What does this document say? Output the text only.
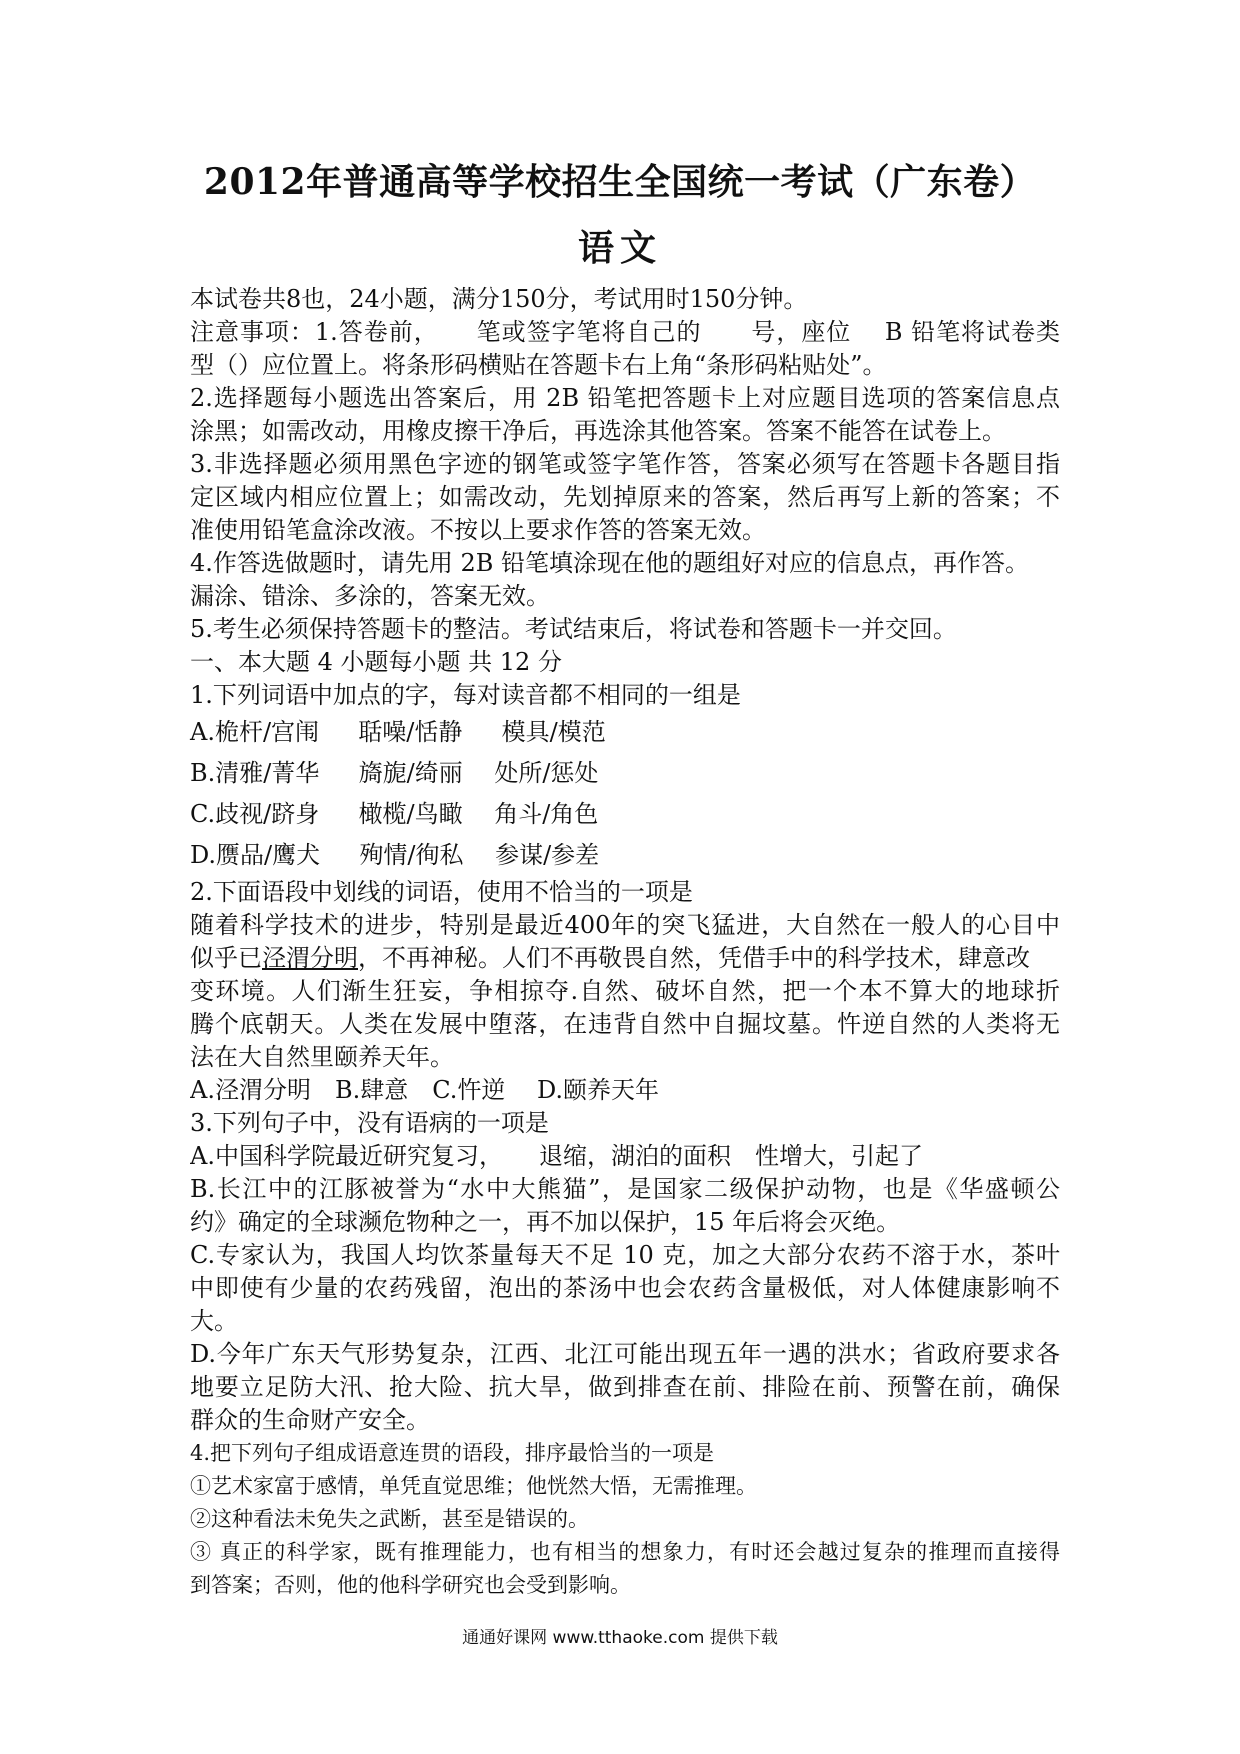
2012年普通高等学校招生全国统一考试（广东卷）
语文
本试卷共8也，24小题，满分150分，考试用时150分钟。
注意事项：1.答卷前，　　笔或签字笔将自己的　　号，座位　 B 铅笔将试卷类
型（）应位置上。将条形码横贴在答题卡右上角“条形码粘贴处”。
2.选择题每小题选出答案后，用 2B 铅笔把答题卡上对应题目选项的答案信息点
涂黑；如需改动，用橡皮擦干净后，再选涂其他答案。答案不能答在试卷上。
3.非选择题必须用黑色字迹的钢笔或签字笔作答，答案必须写在答题卡各题目指
定区域内相应位置上；如需改动，先划掉原来的答案，然后再写上新的答案；不
准使用铅笔盒涂改液。不按以上要求作答的答案无效。
4.作答选做题时，请先用 2B 铅笔填涂现在他的题组好对应的信息点，再作答。
漏涂、错涂、多涂的，答案无效。
5.考生必须保持答题卡的整洁。考试结束后，将试卷和答题卡一并交回。
一、本大题 4 小题每小题 共 12 分
1.下列词语中加点的字，每对读音都不相同的一组是
A.桅杆/宫闱　  聒噪/恬静　  模具/模范
B.清雅/菁华　  旖旎/绮丽　 处所/惩处
C.歧视/跻身　  橄榄/鸟瞰　 角斗/角色
D.赝品/鹰犬　  殉情/徇私　 参谋/参差
2.下面语段中划线的词语，使用不恰当的一项是
随着科学技术的进步，特别是最近400年的突飞猛进，大自然在一般人的心目中
似乎已泾渭分明，不再神秘。人们不再敬畏自然，凭借手中的科学技术，肆意改
变环境。人们渐生狂妄，争相掠夺.自然、破坏自然，把一个本不算大的地球折
腾个底朝天。人类在发展中堕落，在违背自然中自掘坟墓。忤逆自然的人类将无
法在大自然里颐养天年。
A.泾渭分明　B.肆意　C.忤逆　 D.颐养天年
3.下列句子中，没有语病的一项是
A.中国科学院最近研究复习，　　退缩，湖泊的面积　性增大，引起了
B.长江中的江豚被誉为“水中大熊猫”，是国家二级保护动物，也是《华盛顿公
约》确定的全球濒危物种之一，再不加以保护，15 年后将会灭绝。
C.专家认为，我国人均饮茶量每天不足 10 克，加之大部分农药不溶于水，茶叶
中即使有少量的农药残留，泡出的茶汤中也会农药含量极低，对人体健康影响不
大。
D.今年广东天气形势复杂，江西、北江可能出现五年一遇的洪水；省政府要求各
地要立足防大汛、抢大险、抗大旱，做到排查在前、排险在前、预警在前，确保
群众的生命财产安全。
4.把下列句子组成语意连贯的语段，排序最恰当的一项是
①艺术家富于感情，单凭直觉思维；他恍然大悟，无需推理。
②这种看法未免失之武断，甚至是错误的。
③ 真正的科学家，既有推理能力，也有相当的想象力，有时还会越过复杂的推理而直接得
到答案；否则，他的他科学研究也会受到影响。
通通好课网 www.tthaoke.com 提供下载
